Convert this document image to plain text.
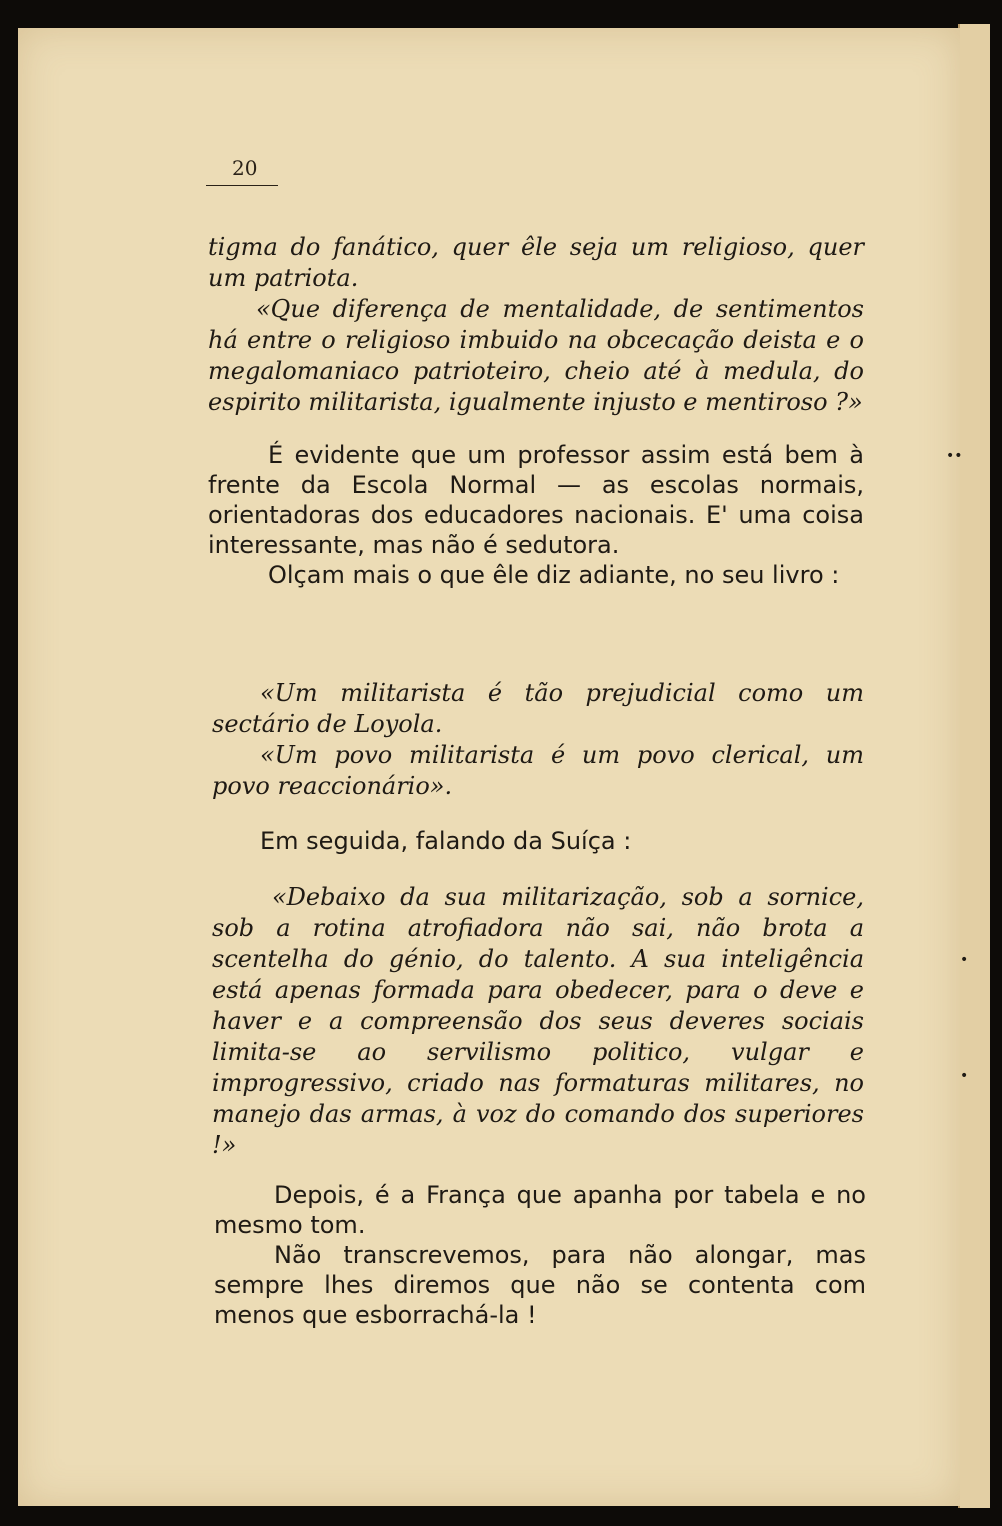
20

tigma do fanático, quer êle seja um religioso, quer um patriota.

«Que diferença de mentalidade, de sentimentos há entre o religioso imbuido na obcecação deista e o megalomaniaco patrioteiro, cheio até à medula, do espirito militarista, igualmente injusto e mentiroso ?»

É evidente que um professor assim está bem à frente da Escola Normal — as escolas normais, orientadoras dos educadores nacionais. E' uma coisa interessante, mas não é sedutora.

Olçam mais o que êle diz adiante, no seu livro :

«Um militarista é tão prejudicial como um sectário de Loyola.

«Um povo militarista é um povo clerical, um povo reaccionário».

Em seguida, falando da Suíça :

«Debaixo da sua militarização, sob a sornice, sob a rotina atrofiadora não sai, não brota a scentelha do génio, do talento. A sua inteligência está apenas formada para obedecer, para o deve e haver e a compreensão dos seus deveres sociais limita-se ao servilismo politico, vulgar e improgressivo, criado nas formaturas militares, no manejo das armas, à voz do comando dos superiores !»

Depois, é a França que apanha por tabela e no mesmo tom.

Não transcrevemos, para não alongar, mas sempre lhes diremos que não se contenta com menos que esborrachá-la !

••
•
•
